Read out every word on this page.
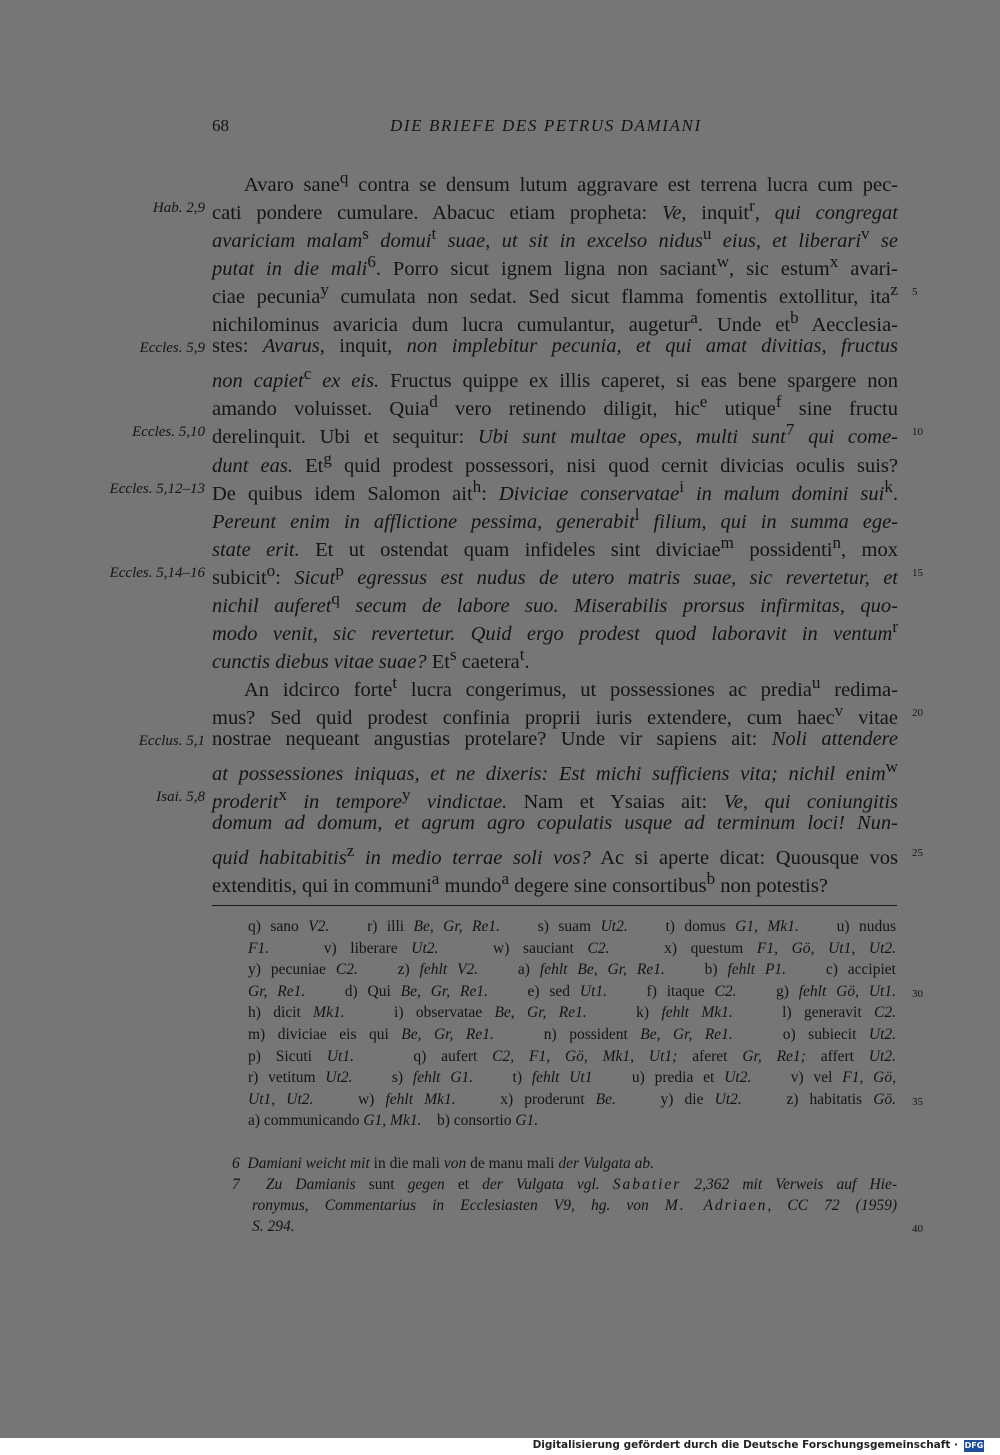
68	DIE BRIEFE DES PETRUS DAMIANI
Avaro sane$^q$ contra se densum lutum aggravare est terrena lucra cum pec-
cati pondere cumulare. Abacuc etiam propheta: Ve, inquit$^r$, qui congregat
avariciam malam$^s$ domui$^t$ suae, ut sit in excelso nidus$^u$ eius, et liberari$^v$ se
putat in die mali$^6$. Porro sicut ignem ligna non saciant$^w$, sic estum$^x$ avari-
ciae pecunia$^y$ cumulata non sedat. Sed sicut flamma fomentis extollitur, ita$^z$
nichilominus avaricia dum lucra cumulantur, augetur$^a$. Unde $et^b$ Aecclesia-
stes: Avarus, inquit, non implebitur pecunia, et qui amat divitias, fructus
non capiet$^c$ ex eis. Fructus quippe ex illis caperet, si eas bene spargere non
amando voluisset. Quia$^d$ vero retinendo diligit, hic$^e$ utique$^f$ sine fructu
derelinquit. Ubi et sequitur: Ubi sunt multae opes, multi sunt$^7$ qui come-
dunt eas. Et$^g$ quid prodest possessori, nisi quod cernit divicias oculis suis?
De quibus idem Salomon ait$^h$: Diviciae conservatae$^i$ in malum domini sui$^k$.
Pereunt enim in afflictione pessima, generabit$^l$ filium, qui in summa ege-
state erit. Et ut ostendat quam infideles sint diviciae$^m$ possidenti$^n$, mox
subicit$^o$: Sicut$^p$ egressus est nudus de utero matris suae, sic revertetur, et
nichil auferet$^q$ secum de labore suo. Miserabilis prorsus infirmitas, quo-
modo venit, sic revertetur. Quid ergo prodest quod laboravit in ventum$^r$
cunctis diebus vitae suae? Et$^s$ caetera$^t$.
An idcirco forte$^t$ lucra congerimus, ut possessiones ac predia$^u$ redima-
mus? Sed quid prodest confinia proprii iuris extendere, cum haec$^v$ vitae
nostrae nequeant angustias protelare? Unde vir sapiens ait: Noli attendere
at possessiones iniquas, et ne dixeris: Est michi sufficiens vita; nichil enim$^w$
proderit$^x$ in tempore$^y$ vindictae. Nam et Ysaias ait: Ve, qui coniungitis
domum ad domum, et agrum agro copulatis usque ad terminum loci! Nun-
quid habitabitis$^z$ in medio terrae soli vos? Ac si aperte dicat: Quousque vos
extenditis, qui in communi$^a$ mundo$^a$ degere sine consortibus$^b$ non potestis?
Hab. 2,9
Eccles. 5,9
Eccles. 5,10
Eccles. 5,12–13
Eccles. 5,14–16
Ecclus. 5,1
Isai. 5,8
5
10
15
20
25
30
35
40
q) sano V2.    r) illi Be, Gr, Re1.    s) suam Ut2.    t) domus G1, Mk1.    u) nudus
F1.    v) liberare Ut2.    w) sauciant C2.    x) questum F1, Gö, Ut1, Ut2.
y) pecuniae C2.    z) fehlt V2.    a) fehlt Be, Gr, Re1.    b) fehlt P1.    c) accipiet
Gr, Re1.    d) Qui Be, Gr, Re1.    e) sed Ut1.    f) itaque C2.    g) fehlt Gö, Ut1.
h) dicit Mk1.    i) observatae Be, Gr, Re1.    k) fehlt Mk1.    l) generavit C2.
m) diviciae eis qui Be, Gr, Re1.    n) possident Be, Gr, Re1.    o) subiecit Ut2.
p) Sicuti Ut1.    q) aufert C2, F1, Gö, Mk1, Ut1; aferet Gr, Re1; affert Ut2.
r) vetitum Ut2.    s) fehlt G1.    t) fehlt Ut1    u) predia et Ut2.    v) vel F1, Gö,
Ut1, Ut2.    w) fehlt Mk1.    x) proderunt Be.    y) die Ut2.    z) habitatis Gö.
a) communicando G1, Mk1.    b) consortio G1.
6  Damiani weicht mit in die mali von de manu mali der Vulgata ab.
7  Zu Damianis sunt gegen et der Vulgata vgl. Sabatier 2,362 mit Verweis auf Hie-
ronymus, Commentarius in Ecclesiasten V9, hg. von M. Adriaen, CC 72 (1959)
S. 294.
Digitalisierung gefördert durch die Deutsche Forschungsgemeinschaft · DFG
